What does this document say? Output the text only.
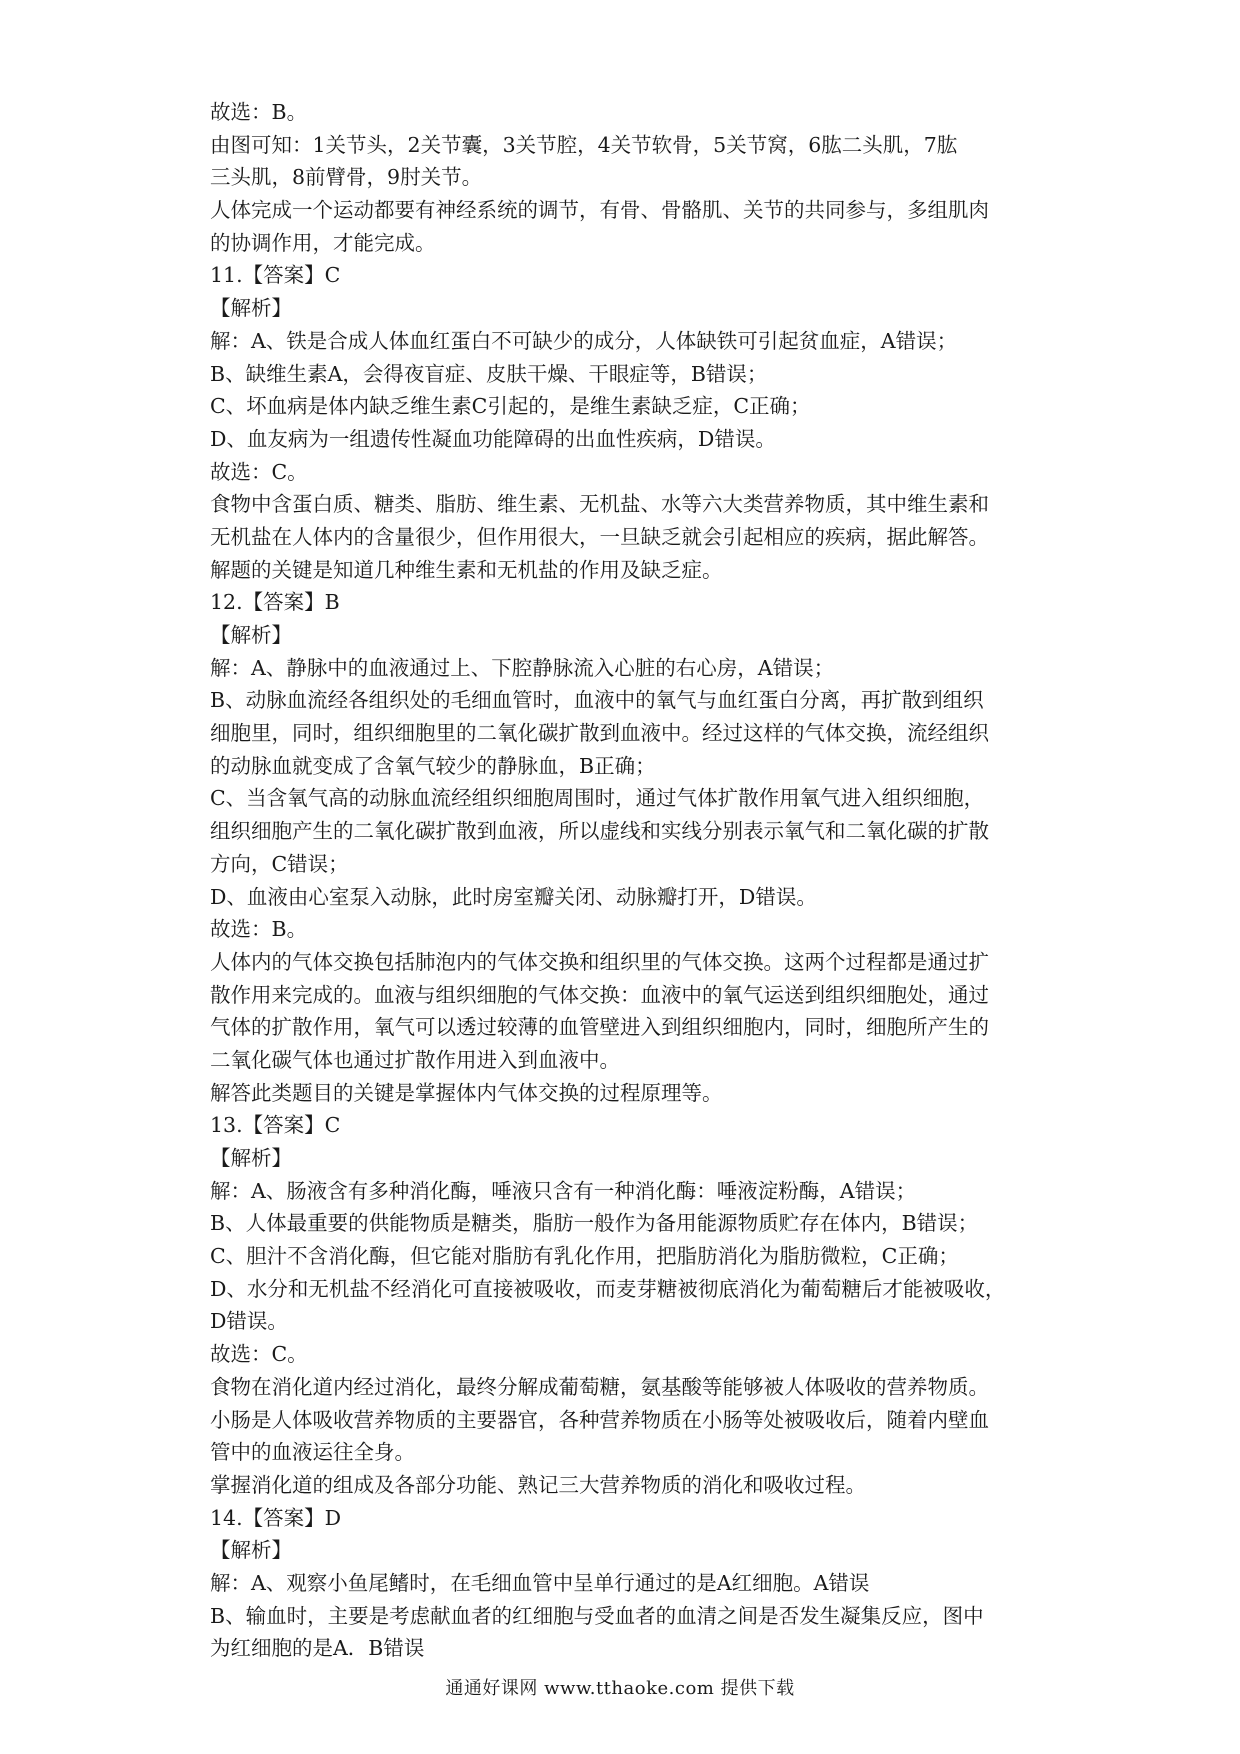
故选：B。
由图可知：1关节头，2关节囊，3关节腔，4关节软骨，5关节窝，6肱二头肌，7肱
三头肌，8前臂骨，9肘关节。
人体完成一个运动都要有神经系统的调节，有骨、骨骼肌、关节的共同参与，多组肌肉
的协调作用，才能完成。
11.【答案】C
【解析】
解：A、铁是合成人体血红蛋白不可缺少的成分，人体缺铁可引起贫血症，A错误；
B、缺维生素A，会得夜盲症、皮肤干燥、干眼症等，B错误；
C、坏血病是体内缺乏维生素C引起的，是维生素缺乏症，C正确；
D、血友病为一组遗传性凝血功能障碍的出血性疾病，D错误。
故选：C。
食物中含蛋白质、糖类、脂肪、维生素、无机盐、水等六大类营养物质，其中维生素和
无机盐在人体内的含量很少，但作用很大，一旦缺乏就会引起相应的疾病，据此解答。
解题的关键是知道几种维生素和无机盐的作用及缺乏症。
12.【答案】B
【解析】
解：A、静脉中的血液通过上、下腔静脉流入心脏的右心房，A错误；
B、动脉血流经各组织处的毛细血管时，血液中的氧气与血红蛋白分离，再扩散到组织
细胞里，同时，组织细胞里的二氧化碳扩散到血液中。经过这样的气体交换，流经组织
的动脉血就变成了含氧气较少的静脉血，B正确；
C、当含氧气高的动脉血流经组织细胞周围时，通过气体扩散作用氧气进入组织细胞，
组织细胞产生的二氧化碳扩散到血液，所以虚线和实线分别表示氧气和二氧化碳的扩散
方向，C错误；
D、血液由心室泵入动脉，此时房室瓣关闭、动脉瓣打开，D错误。
故选：B。
人体内的气体交换包括肺泡内的气体交换和组织里的气体交换。这两个过程都是通过扩
散作用来完成的。血液与组织细胞的气体交换：血液中的氧气运送到组织细胞处，通过
气体的扩散作用，氧气可以透过较薄的血管壁进入到组织细胞内，同时，细胞所产生的
二氧化碳气体也通过扩散作用进入到血液中。
解答此类题目的关键是掌握体内气体交换的过程原理等。
13.【答案】C
【解析】
解：A、肠液含有多种消化酶，唾液只含有一种消化酶：唾液淀粉酶，A错误；
B、人体最重要的供能物质是糖类，脂肪一般作为备用能源物质贮存在体内，B错误；
C、胆汁不含消化酶，但它能对脂肪有乳化作用，把脂肪消化为脂肪微粒，C正确；
D、水分和无机盐不经消化可直接被吸收，而麦芽糖被彻底消化为葡萄糖后才能被吸收，
D错误。
故选：C。
食物在消化道内经过消化，最终分解成葡萄糖，氨基酸等能够被人体吸收的营养物质。
小肠是人体吸收营养物质的主要器官，各种营养物质在小肠等处被吸收后，随着内壁血
管中的血液运往全身。
掌握消化道的组成及各部分功能、熟记三大营养物质的消化和吸收过程。
14.【答案】D
【解析】
解：A、观察小鱼尾鳍时，在毛细血管中呈单行通过的是A红细胞。A错误
B、输血时，主要是考虑献血者的红细胞与受血者的血清之间是否发生凝集反应，图中
为红细胞的是A．B错误
通通好课网 www.tthaoke.com 提供下载
